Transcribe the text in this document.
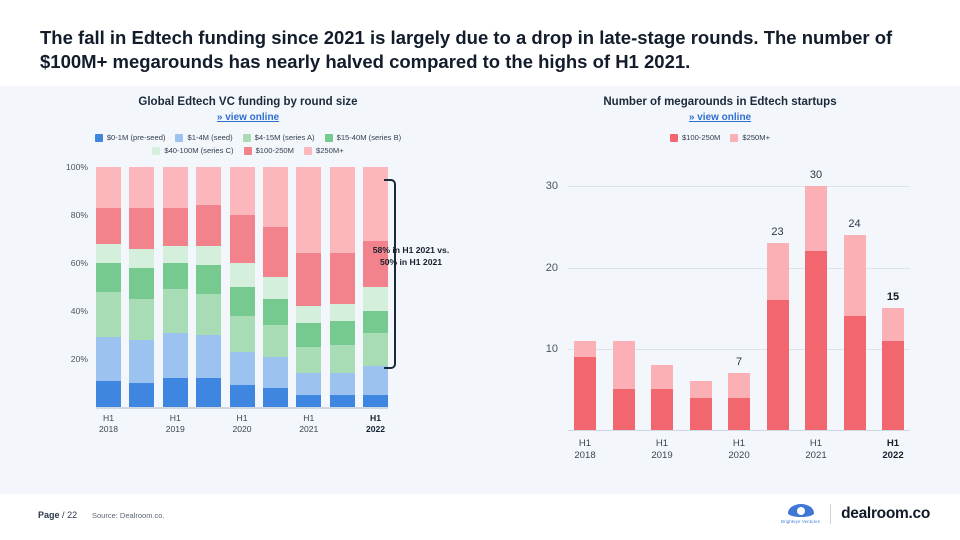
The fall in Edtech funding since 2021 is largely due to a drop in late-stage rounds. The number of $100M+ megarounds has nearly halved compared to the highs of H1 2021.
Global Edtech VC funding by round size
» view online
$0-1M (pre-seed)	$1-4M (seed)	$4-15M (series A)	$15-40M (series B)
$40-100M (series C)	$100-250M	$250M+
20%
40%
60%
80%
100%
H1
2018

H1
2019

H1
2020

H1
2021

H1
2022
58% in H1 2021 vs.
50% in H1 2021
Number of megarounds in Edtech startups
» view online
$100-250M	$250M+
10
20
30
7
23
30
24
15
H1
2018

H1
2019

H1
2020

H1
2021

H1
2022
Page / 22 Source: Dealroom.co.
Brighteye Ventures dealroom.co
